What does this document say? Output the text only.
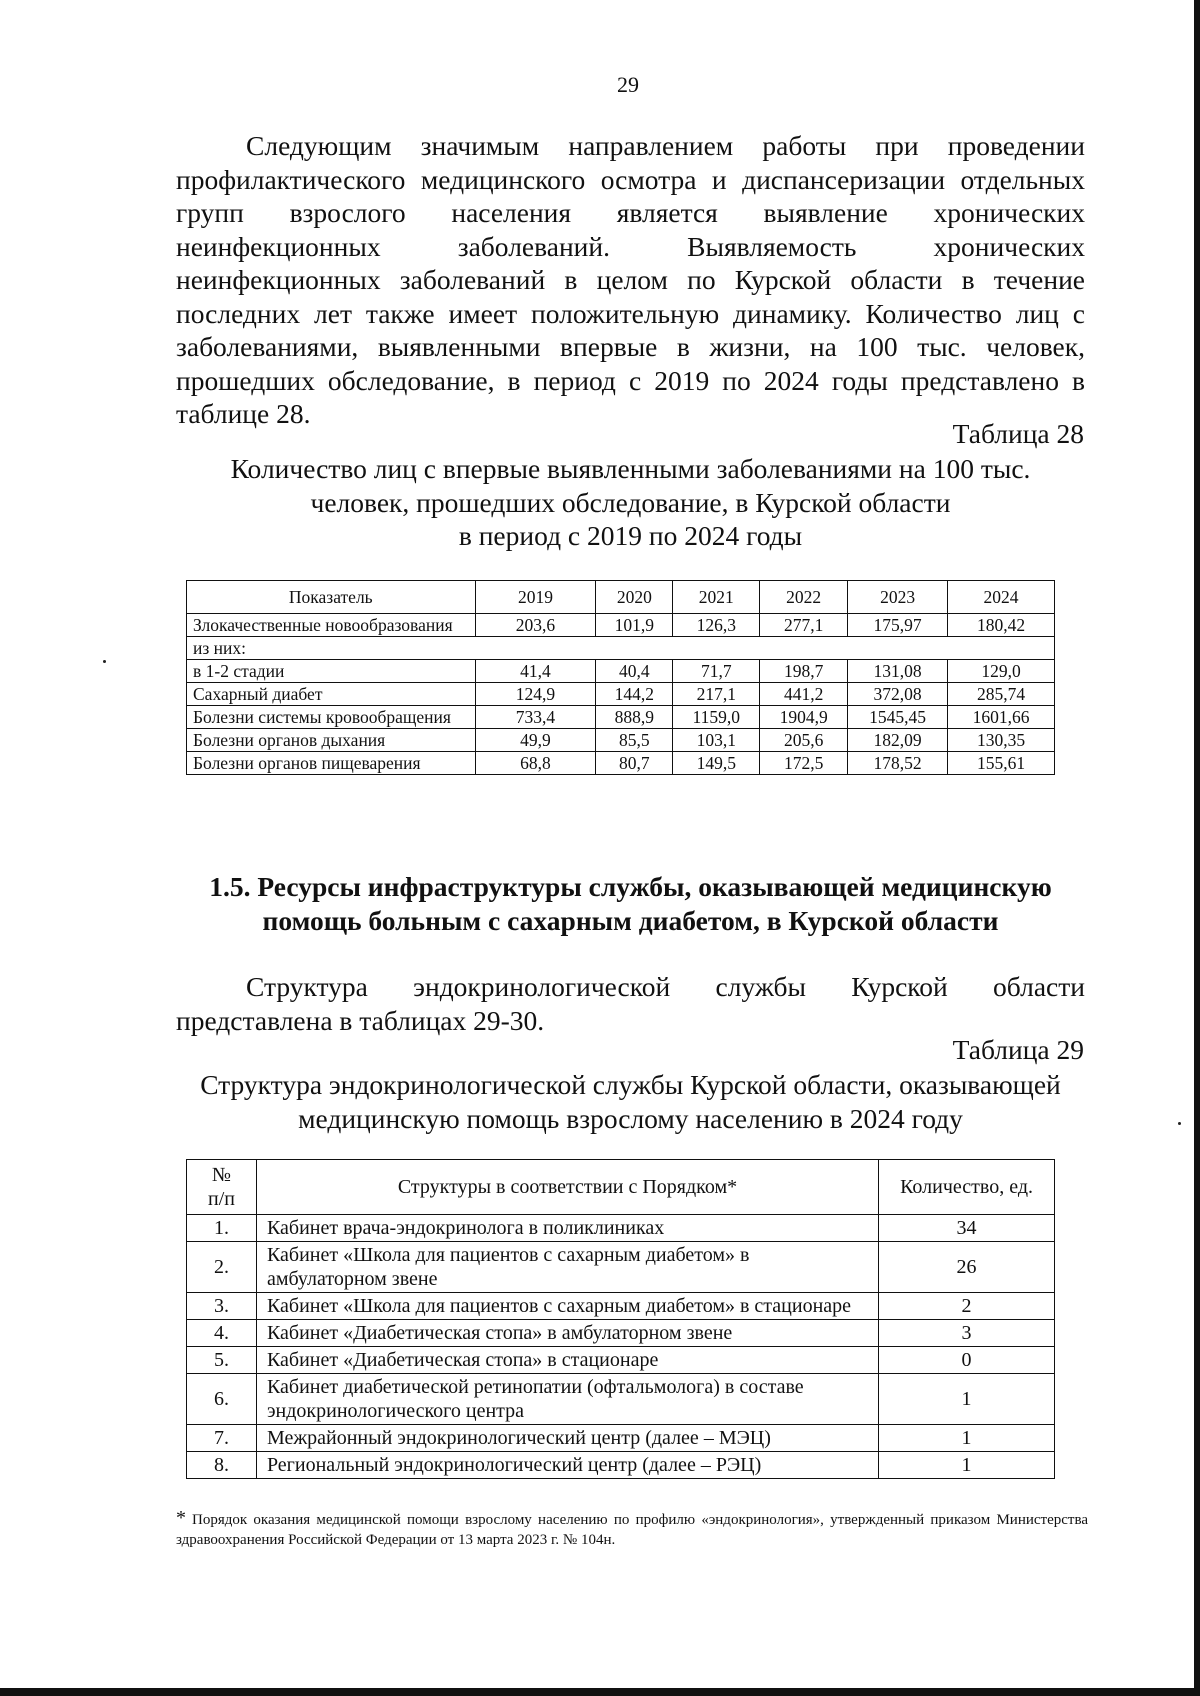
29

Следующим значимым направлением работы при проведении профилактического медицинского осмотра и диспансеризации отдельных групп взрослого населения является выявление хронических неинфекционных заболеваний. Выявляемость хронических неинфекционных заболеваний в целом по Курской области в течение последних лет также имеет положительную динамику. Количество лиц с заболеваниями, выявленными впервые в жизни, на 100 тыс. человек, прошедших обследование, в период с 2019 по 2024 годы представлено в таблице 28.

Таблица 28
Количество лиц с впервые выявленными заболеваниями на 100 тыс.
человек, прошедших обследование, в Курской области
в период с 2019 по 2024 годы
Показатель	2019	2020	2021	2022	2023	2024
Злокачественные новообразования	203,6	101,9	126,3	277,1	175,97	180,42
из них:						
в 1-2 стадии	41,4	40,4	71,7	198,7	131,08	129,0
Сахарный диабет	124,9	144,2	217,1	441,2	372,08	285,74
Болезни системы кровообращения	733,4	888,9	1159,0	1904,9	1545,45	1601,66
Болезни органов дыхания	49,9	85,5	103,1	205,6	182,09	130,35
Болезни органов пищеварения	68,8	80,7	149,5	172,5	178,52	155,61
1.5. Ресурсы инфраструктуры службы, оказывающей медицинскую
помощь больным с сахарным диабетом, в Курской области

Структура эндокринологической службы Курской области представлена в таблицах 29-30.

Таблица 29
Структура эндокринологической службы Курской области, оказывающей
медицинскую помощь взрослому населению в 2024 году
№
п/п	Структуры в соответствии с Порядком*	Количество, ед.
1.	Кабинет врача-эндокринолога в поликлиниках	34
2.	Кабинет «Школа для пациентов с сахарным диабетом» в амбулаторном звене	26
3.	Кабинет «Школа для пациентов с сахарным диабетом» в стационаре	2
4.	Кабинет «Диабетическая стопа» в амбулаторном звене	3
5.	Кабинет «Диабетическая стопа» в стационаре	0
6.	Кабинет диабетической ретинопатии (офтальмолога) в составе эндокринологического центра	1
7.	Межрайонный эндокринологический центр (далее – МЭЦ)	1
8.	Региональный эндокринологический центр (далее – РЭЦ)	1
* Порядок оказания медицинской помощи взрослому населению по профилю «эндокринология», утвержденный приказом Министерства здравоохранения Российской Федерации от 13 марта 2023 г. № 104н.
